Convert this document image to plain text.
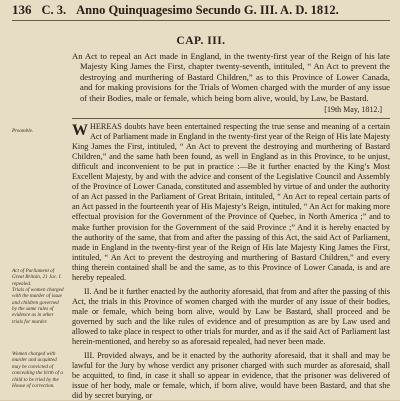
136 C. 3. Anno Quinquagesimo Secundo G. III. A. D. 1812.
CAP. III.

An Act to repeal an Act made in England, in the twenty-first year of the Reign of his late Majesty King James the First, chapter twenty-seventh, intituled, “ An Act to prevent the destroying and murthering of Bastard Children,” as to this Province of Lower Canada, and for making provisions for the Trials of Women charged with the murder of any issue of their Bodies, male or female, which being born alive, would, by Law, be Bastard.

[19th May, 1812.]
Preamble.
Act of Parliament of Great Britain, 21 Jac. I. repealed.

WHEREAS doubts have been entertained respecting the true sense and meaning of a certain Act of Parliament made in England in the twenty-first year of the Reign of His late Majesty King James the First, intituled, “ An Act to prevent the destroying and murthering of Bastard Children,” and the same hath been found, as well in England as in this Province, to be unjust, difficult and inconvenient to be put in practice :—Be it further enacted by the King’s Most Excellent Majesty, by and with the advice and consent of the Legislative Council and Assembly of the Province of Lower Canada, constituted and assembled by virtue of and under the authority of an Act passed in the Parliament of Great Britain, intituled, “ An Act to repeal certain parts of an Act passed in the fourteenth year of His Majesty’s Reign, intituled, “ An Act for making more effectual provision for the Government of the Province of Quebec, in North America ;” and to make further provision for the Government of the said Province ;” And it is hereby enacted by the authority of the same, that from and after the passing of this Act, the said Act of Parliament, made in England in the twenty-first year of the Reign of His late Majesty King James the First, intituled, “ An Act to prevent the destroying and murthering of Bastard Children,” and every thing therein contained shall be and the same, as to this Province of Lower Canada, is and are hereby repealed.

Trials of women charged with the murder of issue and children governed by the same rules of evidence as in other trials for murder.

II. And be it further enacted by the authority aforesaid, that from and after the passing of this Act, the trials in this Province of women charged with the murder of any issue of their bodies, male or female, which being born alive, would by Law be Bastard, shall proceed and be governed by such and the like rules of evidence and of presumption as are by Law used and allowed to take place in respect to other trials for murder, and as if the said Act of Parliament last herein-mentioned, and hereby so as aforesaid repealed, had never been made.

Women charged with murder and acquitted may be convicted of concealing the birth of a child to be tried by the House of correction.

III. Provided always, and be it enacted by the authority aforesaid, that it shall and may be lawful for the Jury by whose verdict any prisoner charged with such murder as aforesaid, shall be acquitted, to find, in case it shall so appear in evidence, that the prisoner was delivered of issue of her body, male or female, which, if born alive, would have been Bastard, and that she did by secret burying, or
